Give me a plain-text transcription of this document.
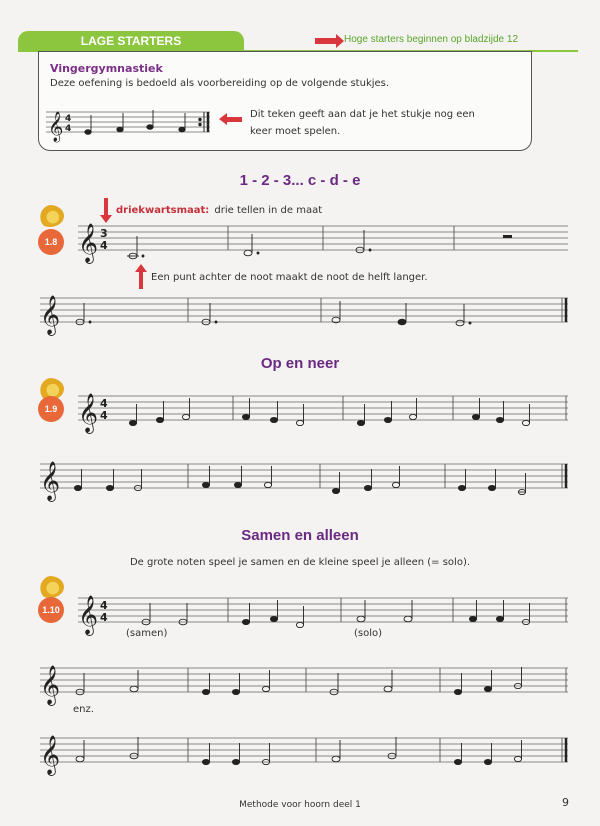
LAGE STARTERS	Hoge starters beginnen op bladzijde 12
Vingergymnastiek
Deze oefening is bedoeld als voorbereiding op de volgende stukjes.
𝄞 4
4
Dit teken geeft aan dat je het stukje nog een keer moet spelen.
1 - 2 - 3... c - d - e
1.8
driekwartsmaat: drie tellen in de maat
𝄞 3
4
Een punt achter de noot maakt de noot de helft langer.
𝄞
Op en neer
1.9 𝄞 4
4
𝄞
Samen en alleen
De grote noten speel je samen en de kleine speel je alleen (= solo).
1.10 𝄞 4
4
(samen)	(solo)
𝄞
enz.
𝄞
Methode voor hoorn deel 1	9
